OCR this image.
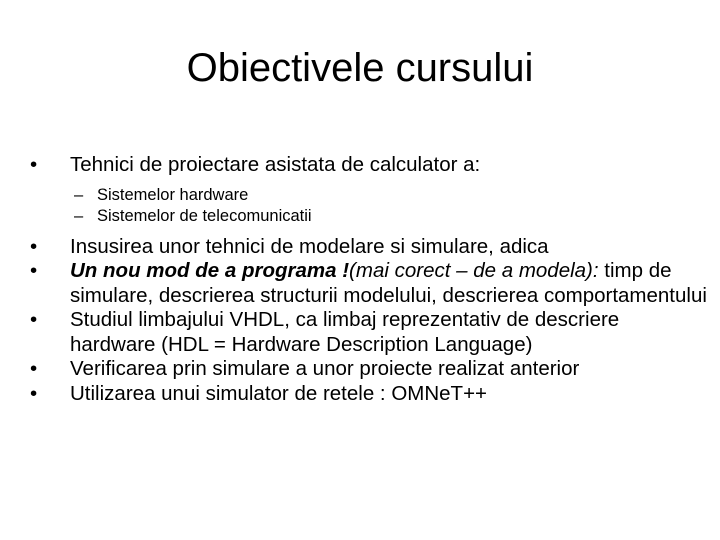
Obiectivele cursului
•	Tehnici de proiectare asistata de calculator a:
– Sistemelor hardware
– Sistemelor de telecomunicatii
•	Insusirea unor tehnici de modelare si simulare, adica
•	Un nou mod de a programa !(mai corect – de a modela): timp de simulare, descrierea structurii modelului, descrierea comportamentului
•	Studiul limbajului VHDL, ca limbaj reprezentativ de descriere hardware (HDL = Hardware Description Language)
•	Verificarea prin simulare a unor proiecte realizat anterior
•	Utilizarea unui simulator de retele : OMNeT++
